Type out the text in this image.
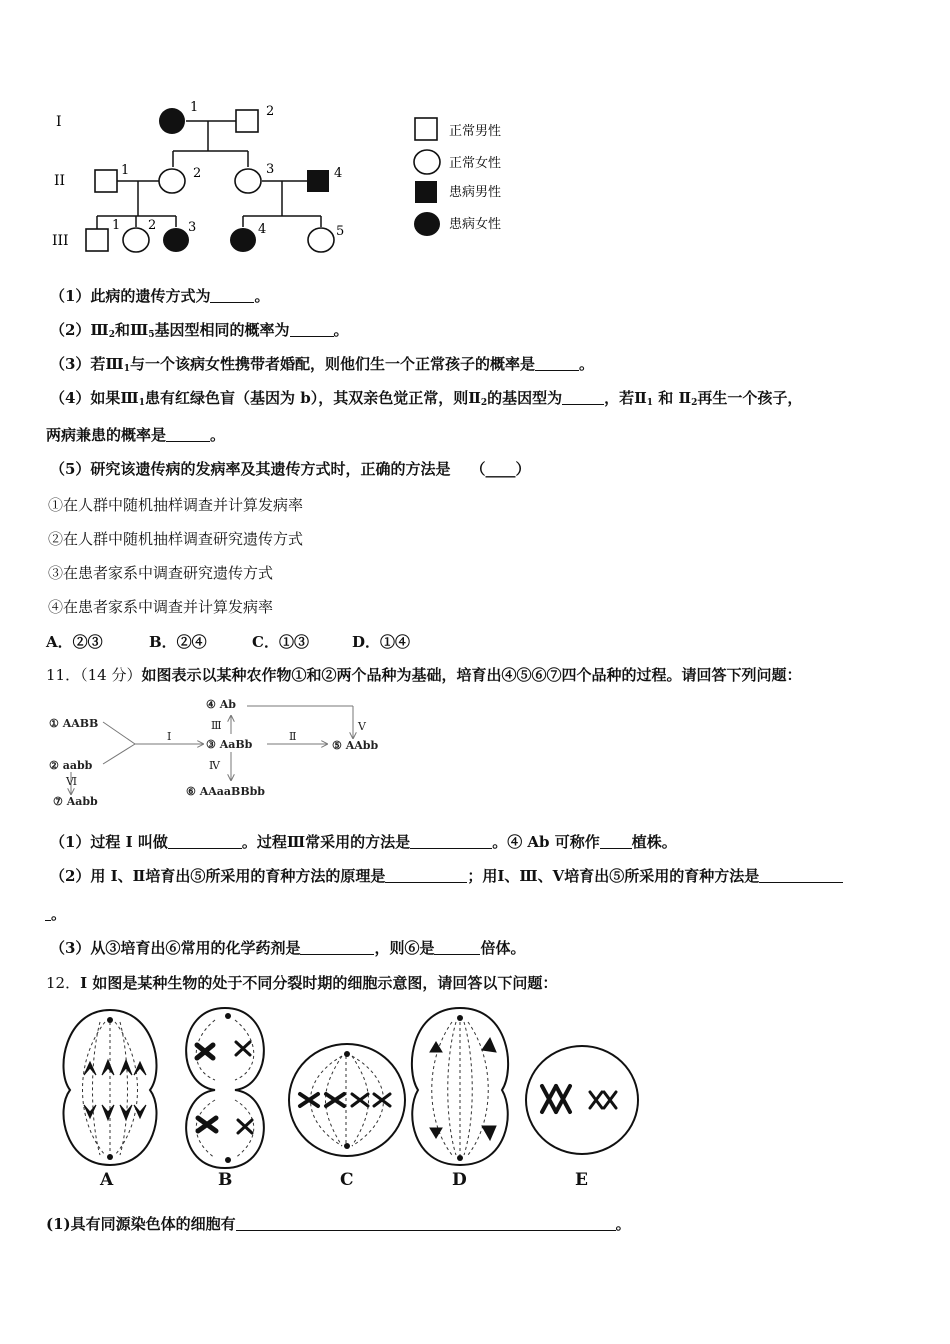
I
II
III
1	2
1	2	3	4
1 2 3	4	5
正常男性
正常女性
患病男性
患病女性
（1）此病的遗传方式为	。
$(2)Ⅲ_2$和$Ⅲ_5$基因型相同的概率为	。
（3）若$Ⅲ_1$与一个该病女性携带者婚配，则他们生一个正常孩子的概率是	。
（4）如果$Ⅲ_1$患有红绿色盲（基因为 b），其双亲色觉正常，则$Ⅱ_2$的基因型为	，若$Ⅱ_1$ 和 $Ⅱ_2$再生一个孩子，
两病兼患的概率是	。
（5）研究该遗传病的发病率及其遗传方式时，正确的方法是 （____）
①在人群中随机抽样调查并计算发病率
②在人群中随机抽样调查研究遗传方式
③在患者家系中调查研究遗传方式
④在患者家系中调查并计算发病率
A．②③	B．②④	C．①③	D．①④
11．（14 分）如图表示以某种农作物①和②两个品种为基础，培育出④⑤⑥⑦四个品种的过程。请回答下列问题：
① AABB
② aabb
③ AaBb
④ Ab
⑤ AAbb
⑥ AAaaBBbb
⑦ Aabb
Ⅰ	Ⅱ
Ⅲ
Ⅳ
Ⅴ
Ⅵ
（1）过程 I 叫做	。过程Ⅲ常采用的方法是	。④ Ab 可称作 植株。
（2）用 I、Ⅱ培育出⑤所采用的育种方法的原理是	；用Ⅰ、Ⅲ、Ⅴ培育出⑤所采用的育种方法是
。
（3）从③培育出⑥常用的化学药剂是	，则⑥是	倍体。
12．I 如图是某种生物的处于不同分裂时期的细胞示意图，请回答以下问题：
A	B	C	D	E
(1)具有同源染色体的细胞有	。
